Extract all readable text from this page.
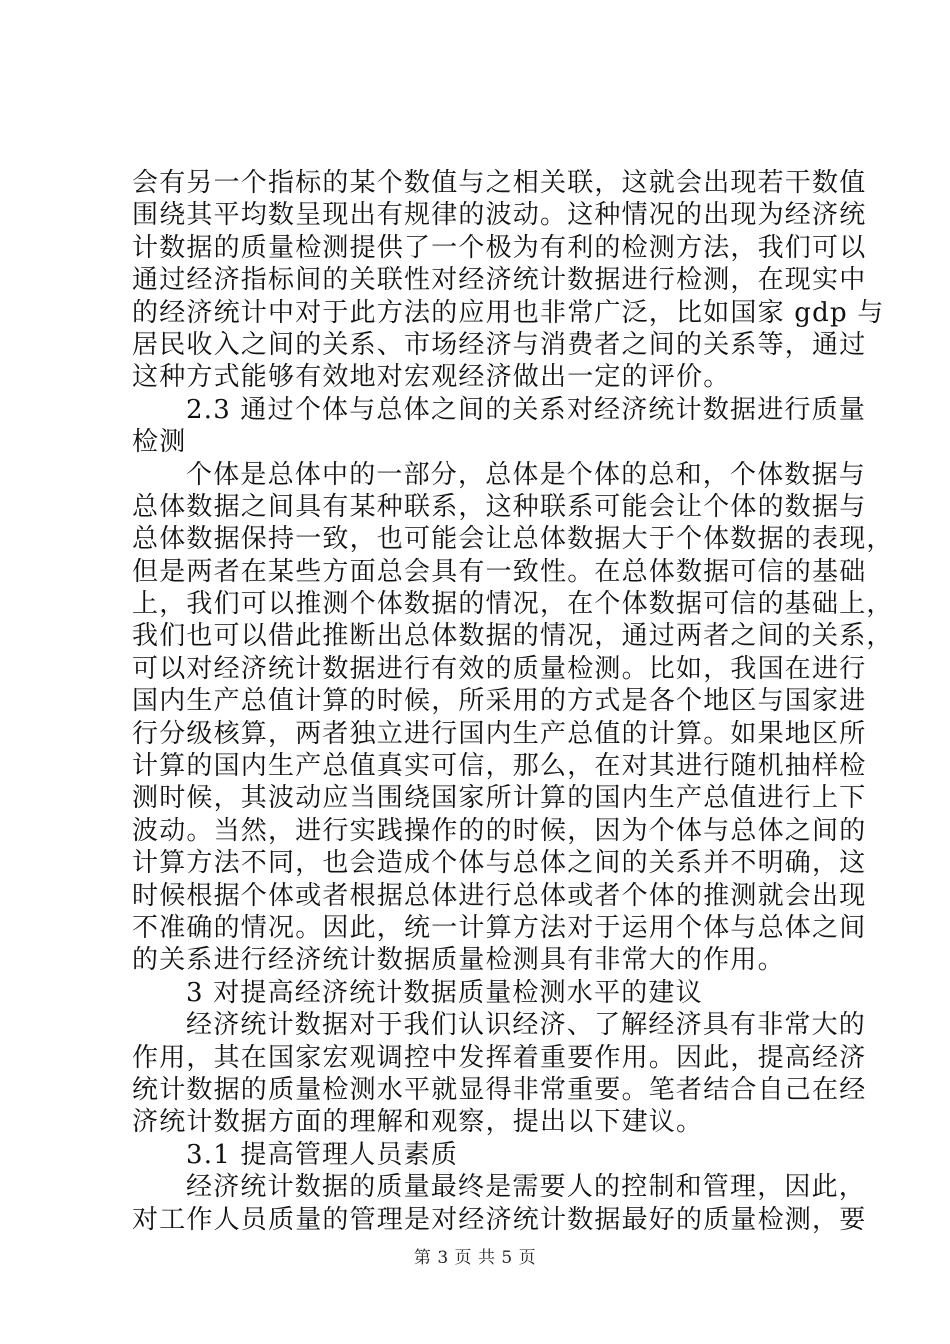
会有另一个指标的某个数值与之相关联，这就会出现若干数值
围绕其平均数呈现出有规律的波动。这种情况的出现为经济统
计数据的质量检测提供了一个极为有利的检测方法，我们可以
通过经济指标间的关联性对经济统计数据进行检测，在现实中
的经济统计中对于此方法的应用也非常广泛，比如国家 gdp 与
居民收入之间的关系、市场经济与消费者之间的关系等，通过
这种方式能够有效地对宏观经济做出一定的评价。
2.3 通过个体与总体之间的关系对经济统计数据进行质量
检测
个体是总体中的一部分，总体是个体的总和，个体数据与
总体数据之间具有某种联系，这种联系可能会让个体的数据与
总体数据保持一致，也可能会让总体数据大于个体数据的表现，
但是两者在某些方面总会具有一致性。在总体数据可信的基础
上，我们可以推测个体数据的情况，在个体数据可信的基础上，
我们也可以借此推断出总体数据的情况，通过两者之间的关系，
可以对经济统计数据进行有效的质量检测。比如，我国在进行
国内生产总值计算的时候，所采用的方式是各个地区与国家进
行分级核算，两者独立进行国内生产总值的计算。如果地区所
计算的国内生产总值真实可信，那么，在对其进行随机抽样检
测时候，其波动应当围绕国家所计算的国内生产总值进行上下
波动。当然，进行实践操作的的时候，因为个体与总体之间的
计算方法不同，也会造成个体与总体之间的关系并不明确，这
时候根据个体或者根据总体进行总体或者个体的推测就会出现
不准确的情况。因此，统一计算方法对于运用个体与总体之间
的关系进行经济统计数据质量检测具有非常大的作用。
3 对提高经济统计数据质量检测水平的建议
经济统计数据对于我们认识经济、了解经济具有非常大的
作用，其在国家宏观调控中发挥着重要作用。因此，提高经济
统计数据的质量检测水平就显得非常重要。笔者结合自己在经
济统计数据方面的理解和观察，提出以下建议。
3.1 提高管理人员素质
经济统计数据的质量最终是需要人的控制和管理，因此，
对工作人员质量的管理是对经济统计数据最好的质量检测，要
第 3 页 共 5 页
